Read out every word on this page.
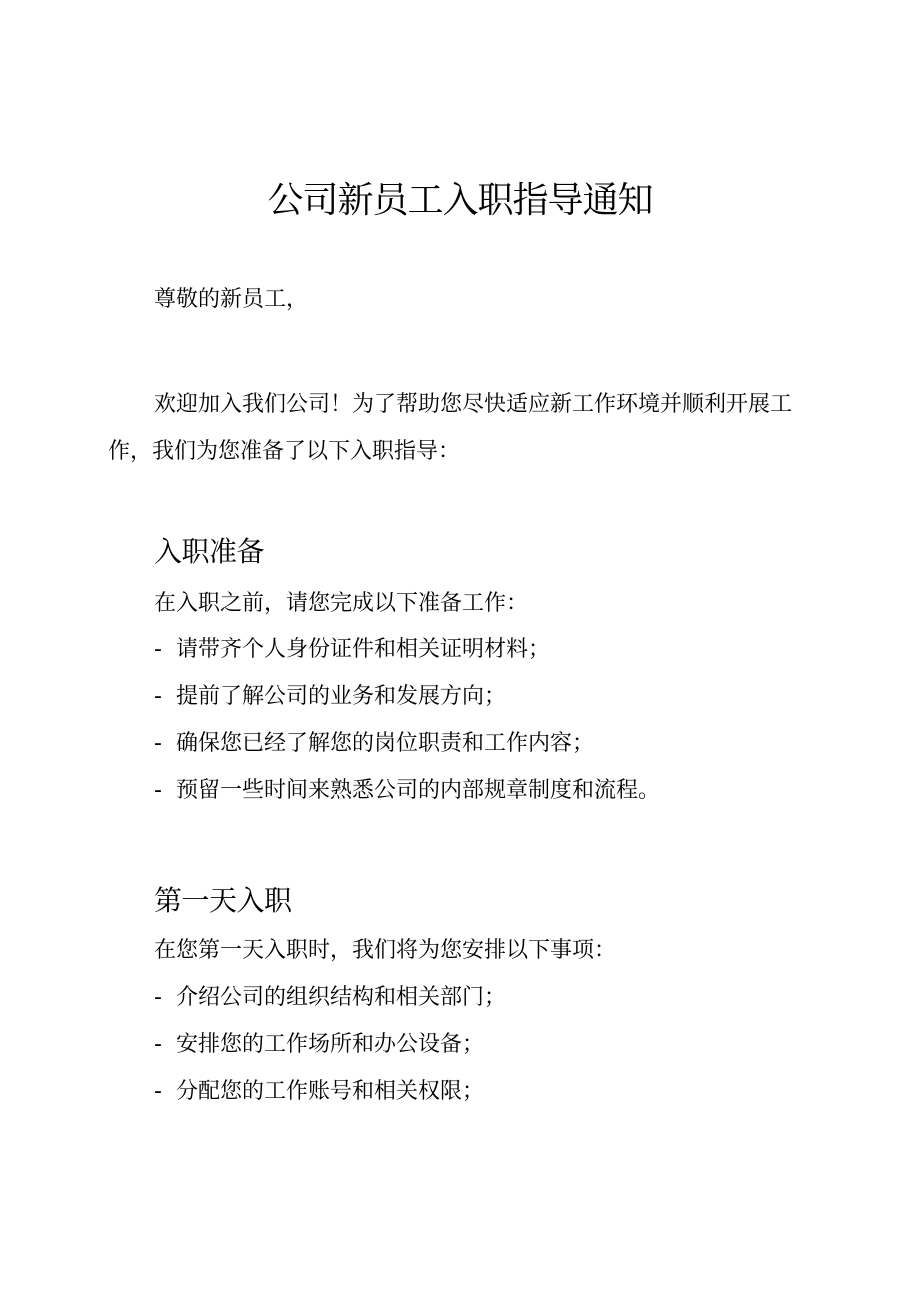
公司新员工入职指导通知

尊敬的新员工，

欢迎加入我们公司！为了帮助您尽快适应新工作环境并顺利开展工作，我们为您准备了以下入职指导：

入职准备

在入职之前，请您完成以下准备工作：

- 请带齐个人身份证件和相关证明材料；
- 提前了解公司的业务和发展方向；
- 确保您已经了解您的岗位职责和工作内容；
- 预留一些时间来熟悉公司的内部规章制度和流程。
第一天入职

在您第一天入职时，我们将为您安排以下事项：

- 介绍公司的组织结构和相关部门；
- 安排您的工作场所和办公设备；
- 分配您的工作账号和相关权限；
